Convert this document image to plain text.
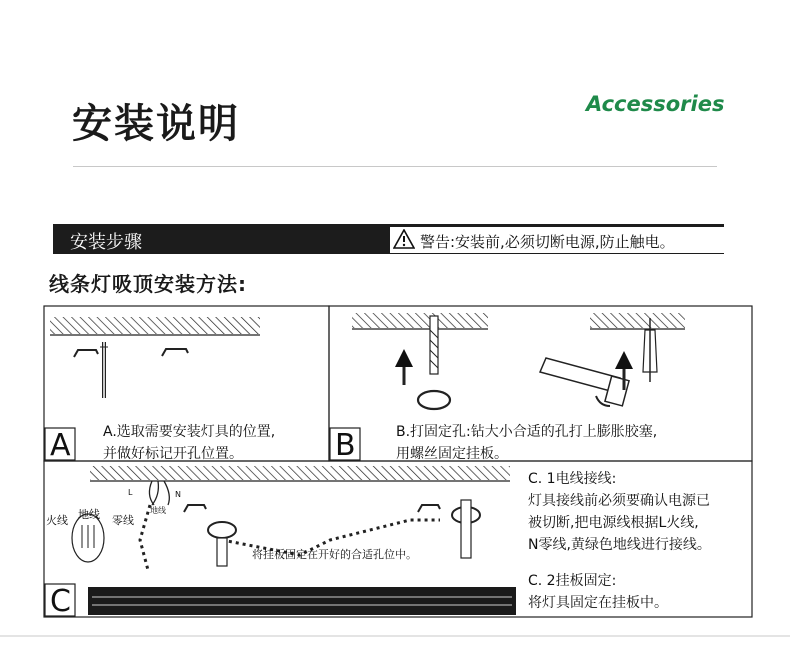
安装说明	Accessories
安装步骤	警告:安装前,必须切断电源,防止触电。
线条灯吸顶安装方法:
A A.选取需要安装灯具的位置,
并做好标记开孔位置。	B	B.打固定孔:钻大小合适的孔打上膨胀胶塞,
用螺丝固定挂板。
C
C. 1电线接线:
灯具接线前必须要确认电源已
被切断,把电源线根据L火线,
N零线,黄绿色地线进行接线。
C. 2挂板固定:
将灯具固定在挂板中。
火线 地线 零线
地线
L	N
将挂板固定在开好的合适孔位中。
